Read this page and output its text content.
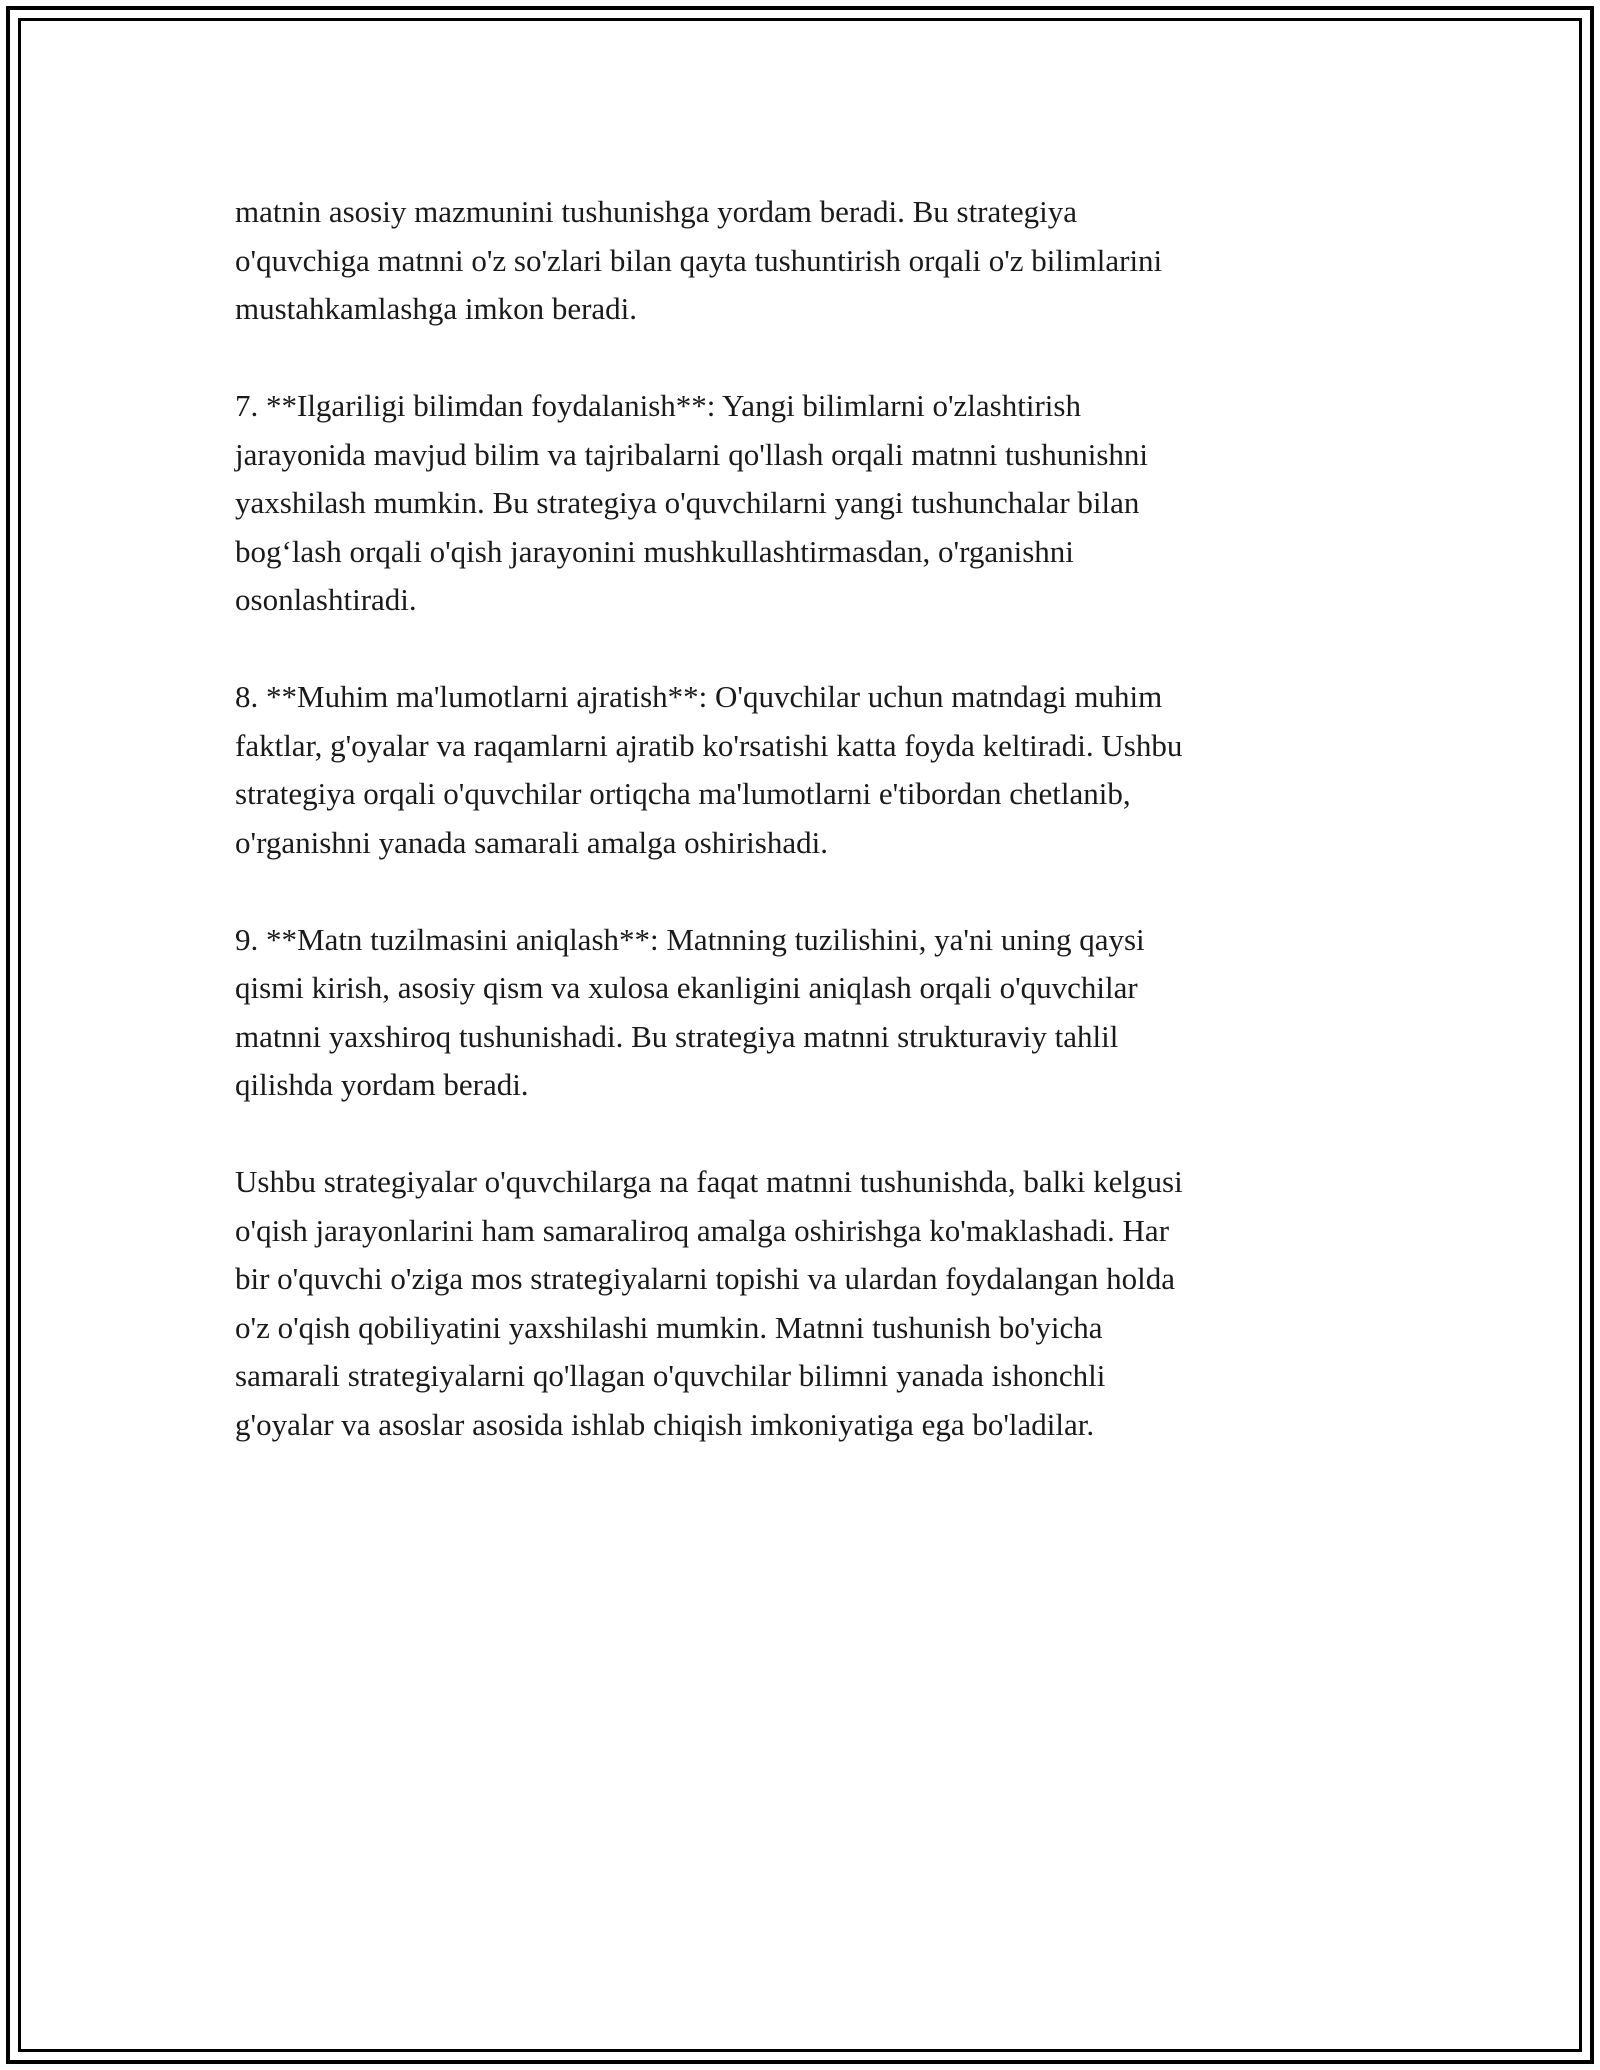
matnin asosiy mazmunini tushunishga yordam beradi. Bu strategiya
o'quvchiga matnni o'z so'zlari bilan qayta tushuntirish orqali o'z bilimlarini
mustahkamlashga imkon beradi.

7. **Ilgariligi bilimdan foydalanish**: Yangi bilimlarni o'zlashtirish
jarayonida mavjud bilim va tajribalarni qo'llash orqali matnni tushunishni
yaxshilash mumkin. Bu strategiya o'quvchilarni yangi tushunchalar bilan
bog‘lash orqali o'qish jarayonini mushkullashtirmasdan, o'rganishni
osonlashtiradi.

8. **Muhim ma'lumotlarni ajratish**: O'quvchilar uchun matndagi muhim
faktlar, g'oyalar va raqamlarni ajratib ko'rsatishi katta foyda keltiradi. Ushbu
strategiya orqali o'quvchilar ortiqcha ma'lumotlarni e'tibordan chetlanib,
o'rganishni yanada samarali amalga oshirishadi.

9. **Matn tuzilmasini aniqlash**: Matnning tuzilishini, ya'ni uning qaysi
qismi kirish, asosiy qism va xulosa ekanligini aniqlash orqali o'quvchilar
matnni yaxshiroq tushunishadi. Bu strategiya matnni strukturaviy tahlil
qilishda yordam beradi.

Ushbu strategiyalar o'quvchilarga na faqat matnni tushunishda, balki kelgusi
o'qish jarayonlarini ham samaraliroq amalga oshirishga ko'maklashadi. Har
bir o'quvchi o'ziga mos strategiyalarni topishi va ulardan foydalangan holda
o'z o'qish qobiliyatini yaxshilashi mumkin. Matnni tushunish bo'yicha
samarali strategiyalarni qo'llagan o'quvchilar bilimni yanada ishonchli
g'oyalar va asoslar asosida ishlab chiqish imkoniyatiga ega bo'ladilar.
